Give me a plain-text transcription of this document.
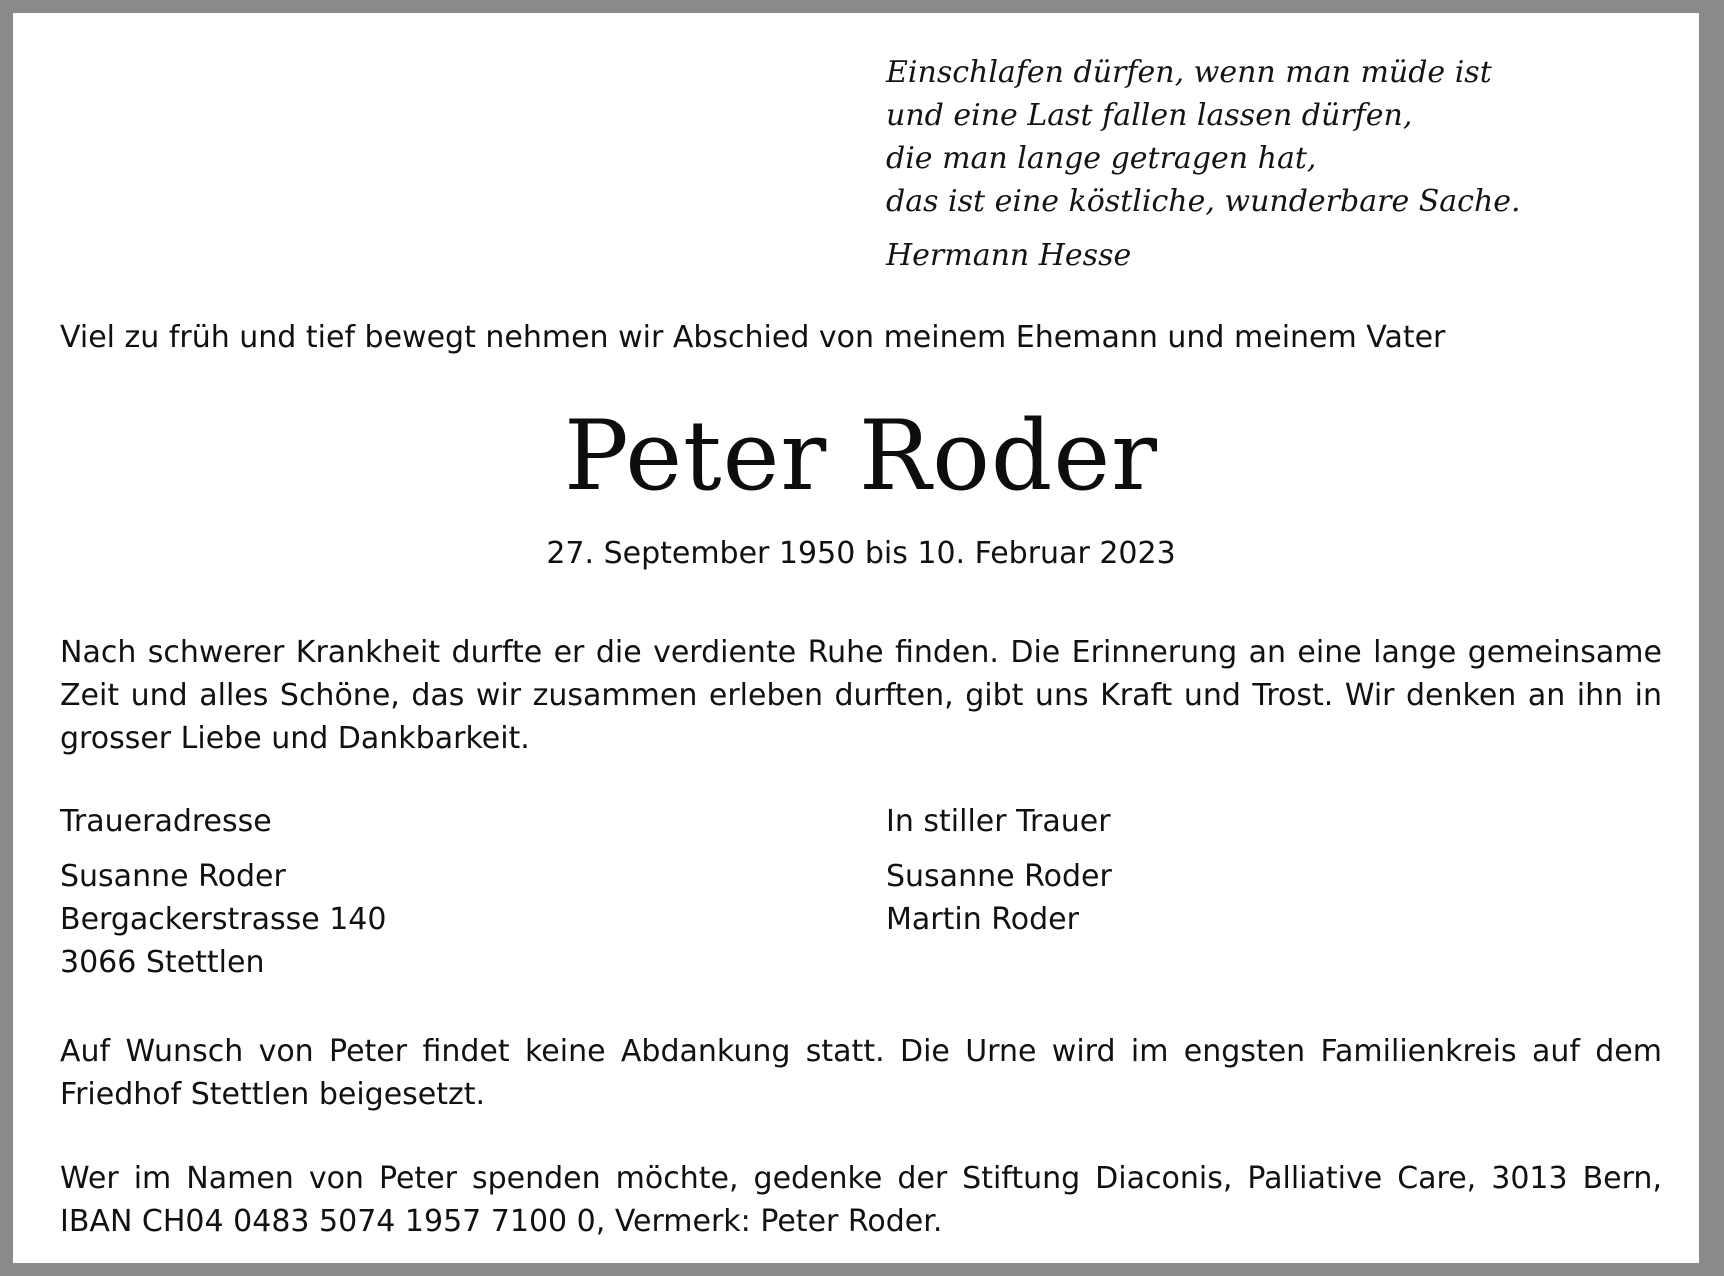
Einschlafen dürfen, wenn man müde ist
und eine Last fallen lassen dürfen,
die man lange getragen hat,
das ist eine köstliche, wunderbare Sache.
Hermann Hesse
Viel zu früh und tief bewegt nehmen wir Abschied von meinem Ehemann und meinem Vater
Peter Roder
27. September 1950 bis 10. Februar 2023
Nach schwerer Krankheit durfte er die verdiente Ruhe finden. Die Erinnerung an eine lange gemeinsame Zeit und alles Schöne, das wir zusammen erleben durften, gibt uns Kraft und Trost. Wir denken an ihn in grosser Liebe und Dankbarkeit.
Traueradresse
Susanne Roder
Bergackerstrasse 140
3066 Stettlen
In stiller Trauer
Susanne Roder
Martin Roder
Auf Wunsch von Peter findet keine Abdankung statt. Die Urne wird im engsten Familienkreis auf dem Friedhof Stettlen beigesetzt.
Wer im Namen von Peter spenden möchte, gedenke der Stiftung Diaconis, Palliative Care, 3013 Bern, IBAN CH04 0483 5074 1957 7100 0, Vermerk: Peter Roder.
